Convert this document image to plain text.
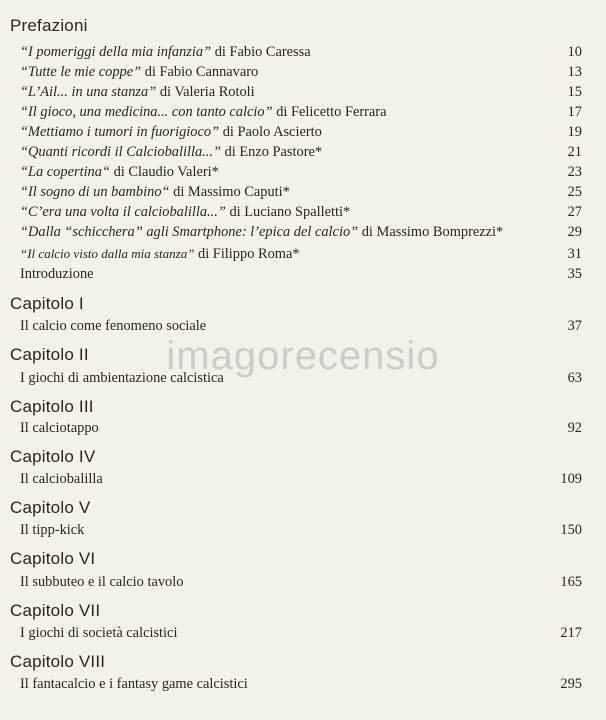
Prefazioni
“I pomeriggi della mia infanzia” di Fabio Caressa	10
“Tutte le mie coppe” di Fabio Cannavaro	13
“L’Ail... in una stanza” di Valeria Rotoli	15
“Il gioco, una medicina... con tanto calcio” di Felicetto Ferrara	17
“Mettiamo i tumori in fuorigioco” di Paolo Ascierto	19
“Quanti ricordi il Calciobalilla...” di Enzo Pastore*	21
“La copertina“ di Claudio Valeri*	23
“Il sogno di un bambino“ di Massimo Caputi*	25
“C’era una volta il calciobalilla...” di Luciano Spalletti*	27
“Dalla “schicchera” agli Smartphone: l’epica del calcio” di Massimo Bomprezzi*	29
“Il calcio visto dalla mia stanza” di Filippo Roma*	31
Introduzione	35
Capitolo I
Il calcio come fenomeno sociale	37
Capitolo II
I giochi di ambientazione calcistica	63
Capitolo III
Il calciotappo	92
Capitolo IV
Il calciobalilla	109
Capitolo V
Il tipp-kick	150
Capitolo VI
Il subbuteo e il calcio tavolo	165
Capitolo VII
I giochi di società calcistici	217
Capitolo VIII
Il fantacalcio e i fantasy game calcistici	295
imagorecensio
